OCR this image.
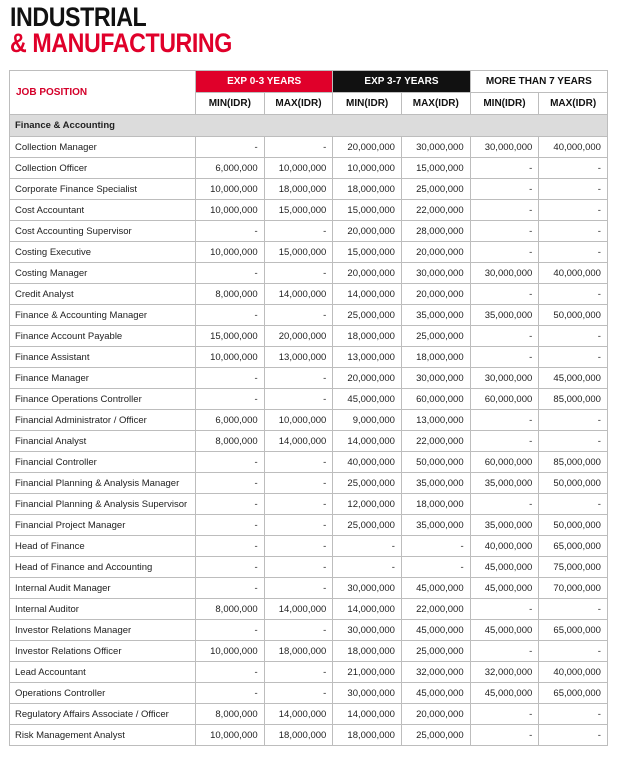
INDUSTRIAL
& MANUFACTURING
JOB POSITION	EXP 0-3 YEARS		EXP 3-7 YEARS		MORE THAN 7 YEARS	
	MIN(IDR)	MAX(IDR)	MIN(IDR)	MAX(IDR)	MIN(IDR)	MAX(IDR)
Finance & Accounting						
Collection Manager	-	-	20,000,000	30,000,000	30,000,000	40,000,000
Collection Officer	6,000,000	10,000,000	10,000,000	15,000,000	-	-
Corporate Finance Specialist	10,000,000	18,000,000	18,000,000	25,000,000	-	-
Cost Accountant	10,000,000	15,000,000	15,000,000	22,000,000	-	-
Cost Accounting Supervisor	-	-	20,000,000	28,000,000	-	-
Costing Executive	10,000,000	15,000,000	15,000,000	20,000,000	-	-
Costing Manager	-	-	20,000,000	30,000,000	30,000,000	40,000,000
Credit Analyst	8,000,000	14,000,000	14,000,000	20,000,000	-	-
Finance & Accounting Manager	-	-	25,000,000	35,000,000	35,000,000	50,000,000
Finance Account Payable	15,000,000	20,000,000	18,000,000	25,000,000	-	-
Finance Assistant	10,000,000	13,000,000	13,000,000	18,000,000	-	-
Finance Manager	-	-	20,000,000	30,000,000	30,000,000	45,000,000
Finance Operations Controller	-	-	45,000,000	60,000,000	60,000,000	85,000,000
Financial Administrator / Officer	6,000,000	10,000,000	9,000,000	13,000,000	-	-
Financial Analyst	8,000,000	14,000,000	14,000,000	22,000,000	-	-
Financial Controller	-	-	40,000,000	50,000,000	60,000,000	85,000,000
Financial Planning & Analysis Manager	-	-	25,000,000	35,000,000	35,000,000	50,000,000
Financial Planning & Analysis Supervisor	-	-	12,000,000	18,000,000	-	-
Financial Project Manager	-	-	25,000,000	35,000,000	35,000,000	50,000,000
Head of Finance	-	-	-	-	40,000,000	65,000,000
Head of Finance and Accounting	-	-	-	-	45,000,000	75,000,000
Internal Audit Manager	-	-	30,000,000	45,000,000	45,000,000	70,000,000
Internal Auditor	8,000,000	14,000,000	14,000,000	22,000,000	-	-
Investor Relations Manager	-	-	30,000,000	45,000,000	45,000,000	65,000,000
Investor Relations Officer	10,000,000	18,000,000	18,000,000	25,000,000	-	-
Lead Accountant	-	-	21,000,000	32,000,000	32,000,000	40,000,000
Operations Controller	-	-	30,000,000	45,000,000	45,000,000	65,000,000
Regulatory Affairs Associate / Officer	8,000,000	14,000,000	14,000,000	20,000,000	-	-
Risk Management Analyst	10,000,000	18,000,000	18,000,000	25,000,000	-	-
